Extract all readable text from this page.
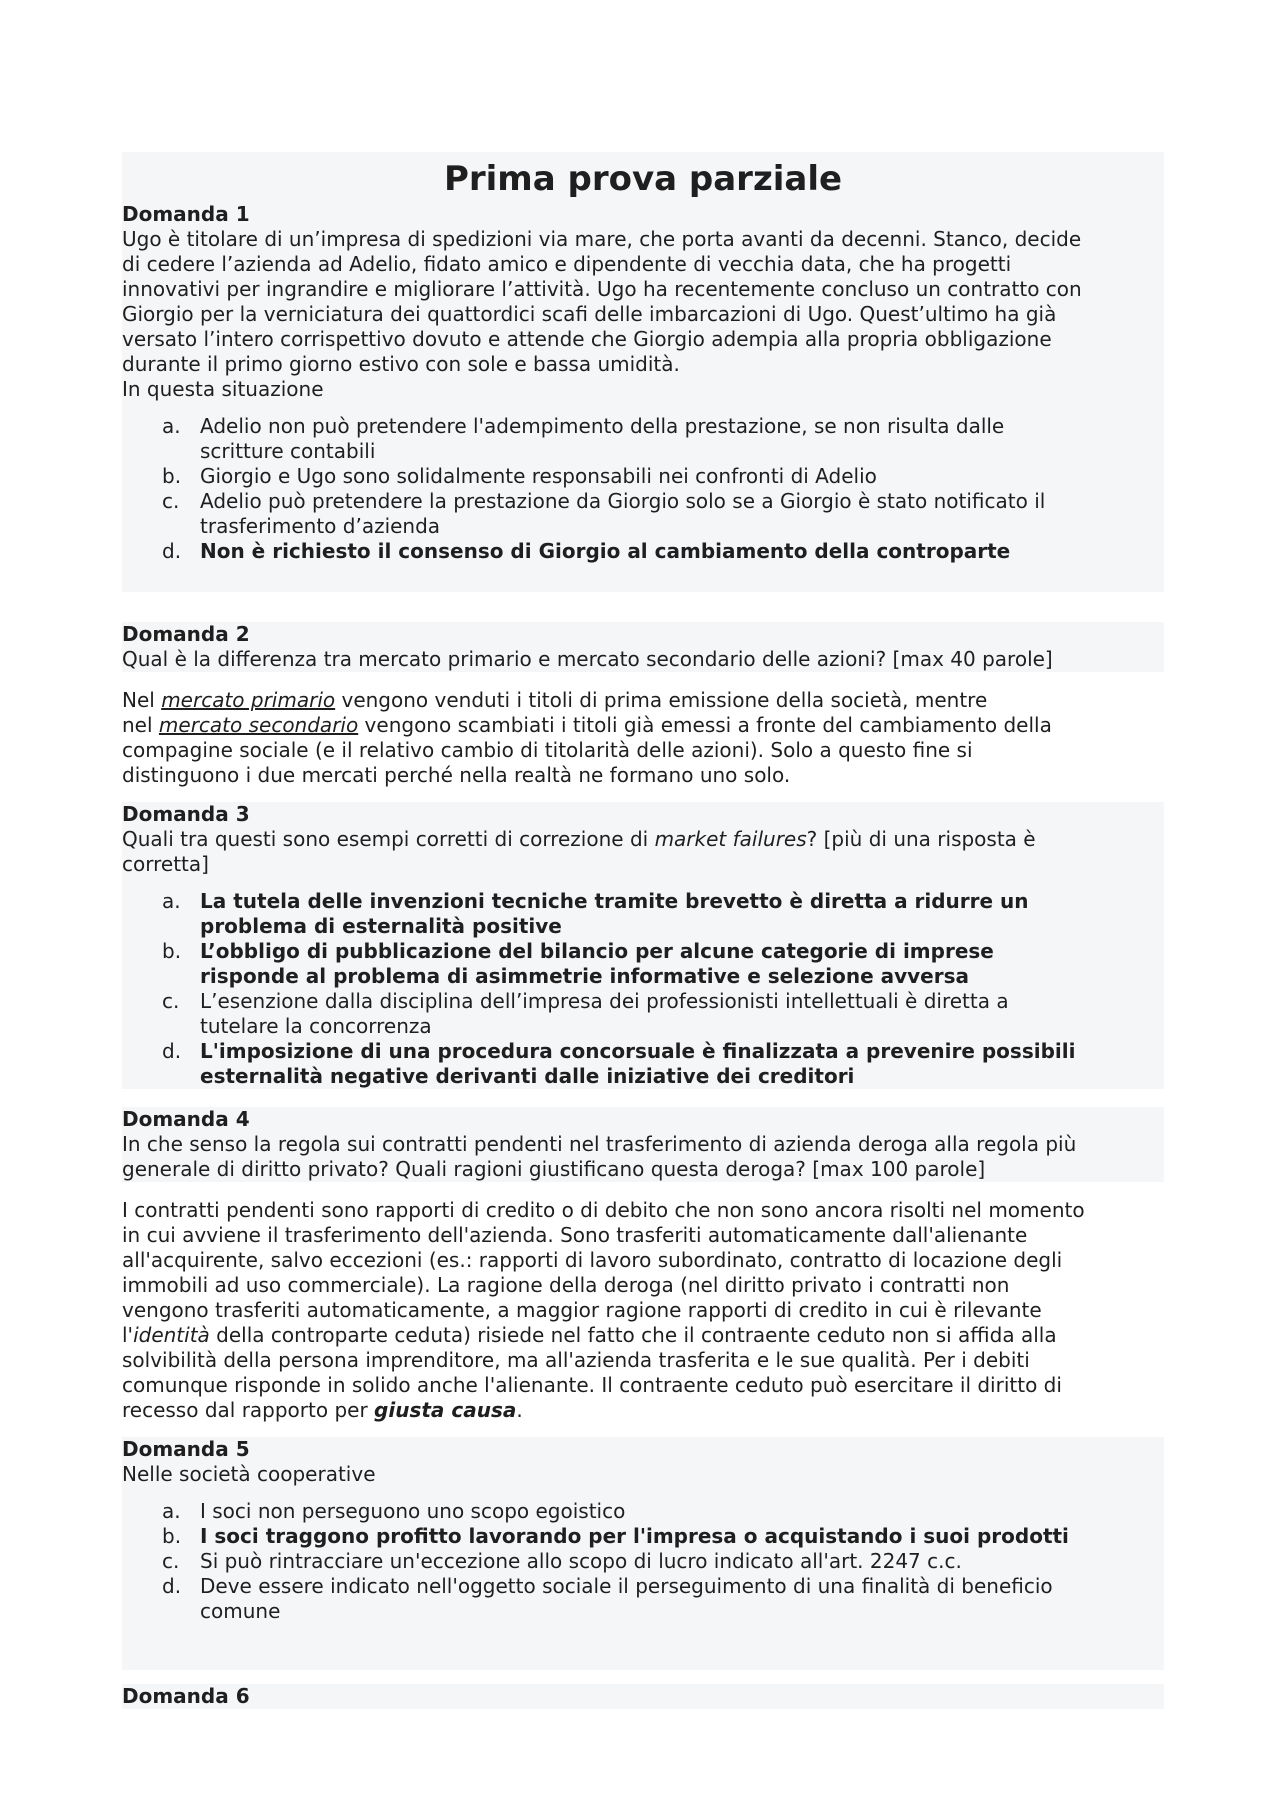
Prima prova parziale
Domanda 1
Ugo è titolare di un’impresa di spedizioni via mare, che porta avanti da decenni. Stanco, decide
di cedere l’azienda ad Adelio, fidato amico e dipendente di vecchia data, che ha progetti
innovativi per ingrandire e migliorare l’attività. Ugo ha recentemente concluso un contratto con
Giorgio per la verniciatura dei quattordici scafi delle imbarcazioni di Ugo. Quest’ultimo ha già
versato l’intero corrispettivo dovuto e attende che Giorgio adempia alla propria obbligazione
durante il primo giorno estivo con sole e bassa umidità.
In questa situazione
a. Adelio non può pretendere l'adempimento della prestazione, se non risulta dalle
scritture contabili
b. Giorgio e Ugo sono solidalmente responsabili nei confronti di Adelio
c. Adelio può pretendere la prestazione da Giorgio solo se a Giorgio è stato notificato il
trasferimento d’azienda
d. Non è richiesto il consenso di Giorgio al cambiamento della controparte
Domanda 2
Qual è la differenza tra mercato primario e mercato secondario delle azioni? [max 40 parole]
Nel mercato primario vengono venduti i titoli di prima emissione della società, mentre
nel mercato secondario vengono scambiati i titoli già emessi a fronte del cambiamento della
compagine sociale (e il relativo cambio di titolarità delle azioni). Solo a questo fine si
distinguono i due mercati perché nella realtà ne formano uno solo.
Domanda 3
Quali tra questi sono esempi corretti di correzione di market failures? [più di una risposta è
corretta]
a. La tutela delle invenzioni tecniche tramite brevetto è diretta a ridurre un
problema di esternalità positive
b. L’obbligo di pubblicazione del bilancio per alcune categorie di imprese
risponde al problema di asimmetrie informative e selezione avversa
c. L’esenzione dalla disciplina dell’impresa dei professionisti intellettuali è diretta a
tutelare la concorrenza
d. L'imposizione di una procedura concorsuale è finalizzata a prevenire possibili
esternalità negative derivanti dalle iniziative dei creditori
Domanda 4
In che senso la regola sui contratti pendenti nel trasferimento di azienda deroga alla regola più
generale di diritto privato? Quali ragioni giustificano questa deroga? [max 100 parole]
I contratti pendenti sono rapporti di credito o di debito che non sono ancora risolti nel momento
in cui avviene il trasferimento dell'azienda. Sono trasferiti automaticamente dall'alienante
all'acquirente, salvo eccezioni (es.: rapporti di lavoro subordinato, contratto di locazione degli
immobili ad uso commerciale). La ragione della deroga (nel diritto privato i contratti non
vengono trasferiti automaticamente, a maggior ragione rapporti di credito in cui è rilevante
l'identità della controparte ceduta) risiede nel fatto che il contraente ceduto non si affida alla
solvibilità della persona imprenditore, ma all'azienda trasferita e le sue qualità. Per i debiti
comunque risponde in solido anche l'alienante. Il contraente ceduto può esercitare il diritto di
recesso dal rapporto per giusta causa.
Domanda 5
Nelle società cooperative
a. I soci non perseguono uno scopo egoistico
b. I soci traggono profitto lavorando per l'impresa o acquistando i suoi prodotti
c. Si può rintracciare un'eccezione allo scopo di lucro indicato all'art. 2247 c.c.
d. Deve essere indicato nell'oggetto sociale il perseguimento di una finalità di beneficio
comune
Domanda 6
